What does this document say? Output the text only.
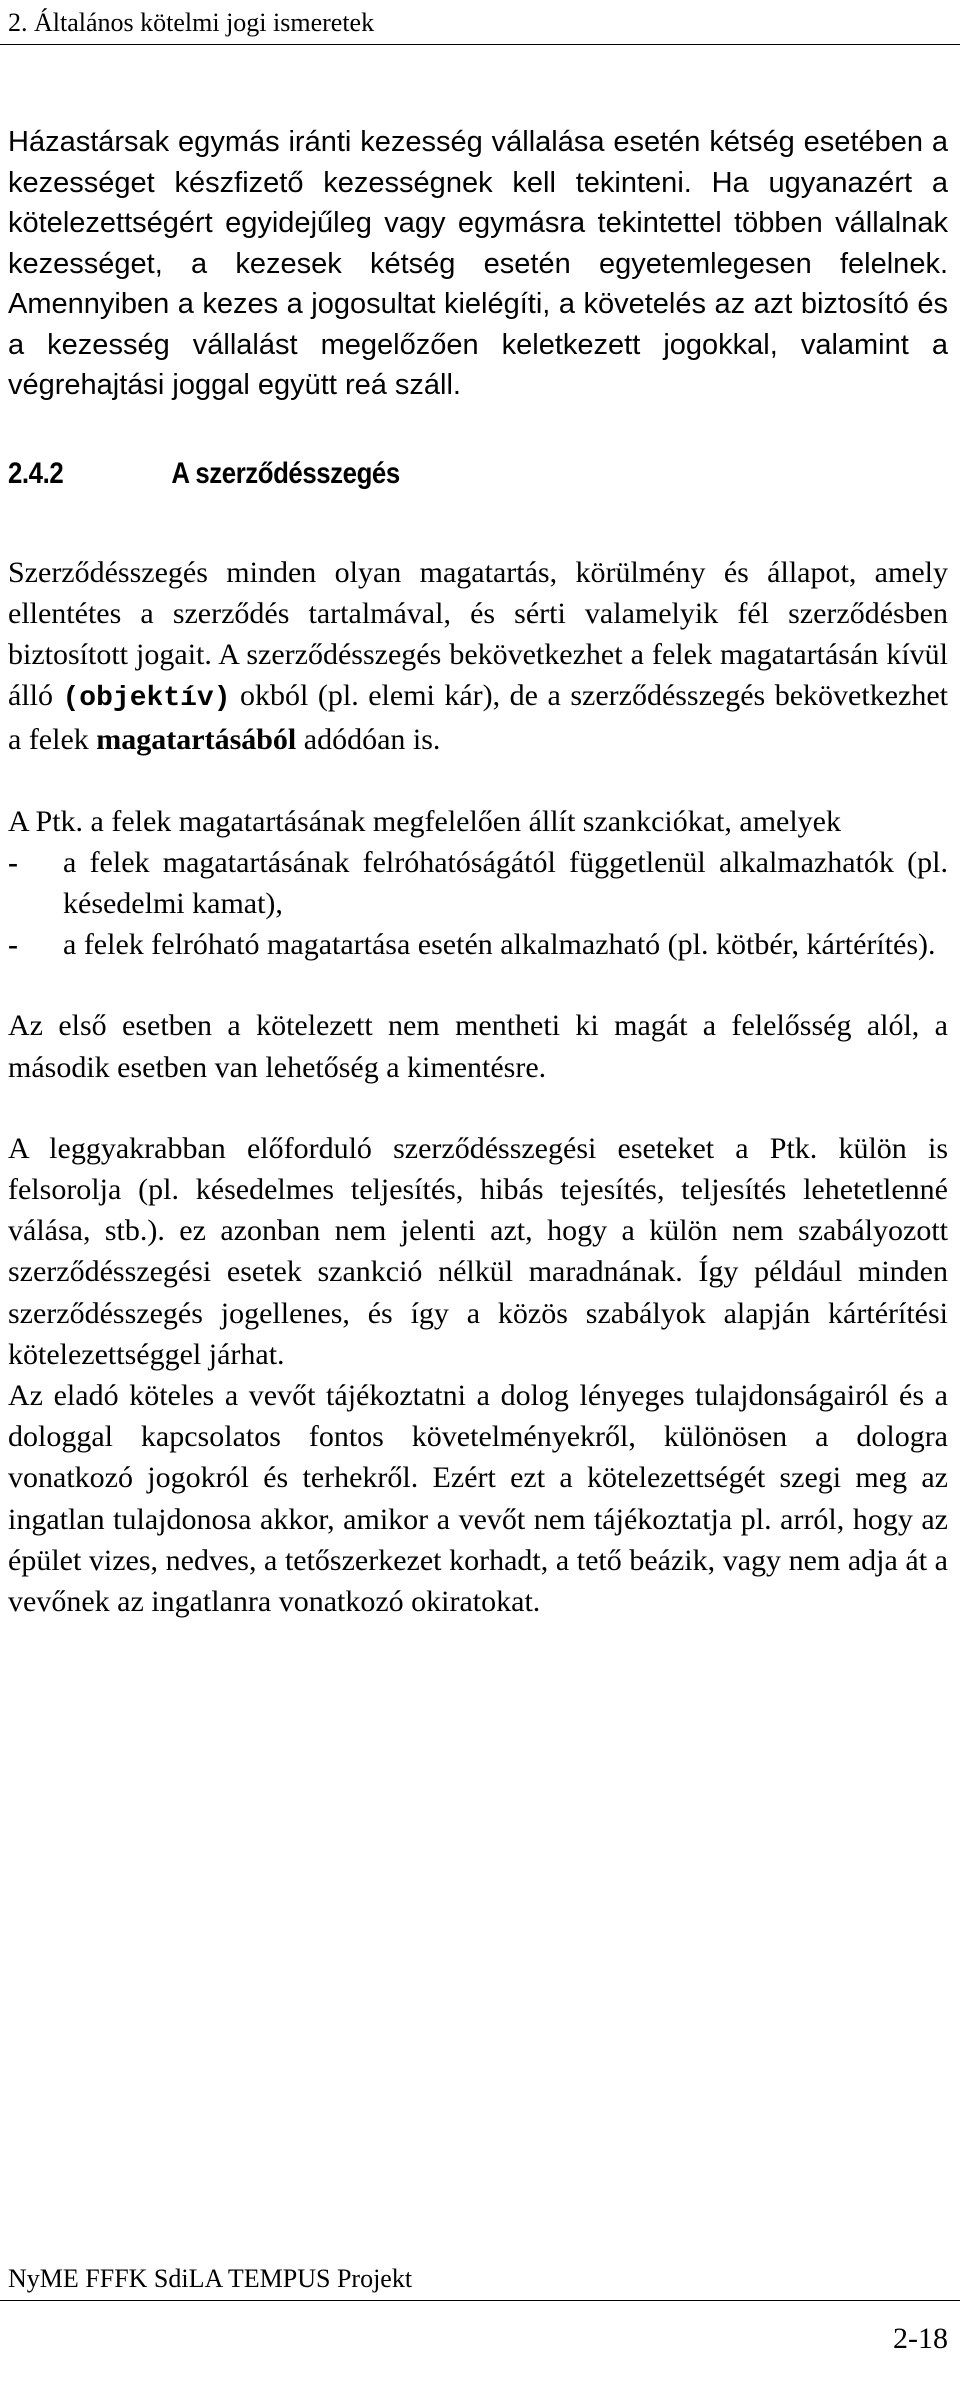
2. Általános kötelmi jogi ismeretek

Házastársak egymás iránti kezesség vállalása esetén kétség esetében a kezességet készfizető kezességnek kell tekinteni. Ha ugyanazért a kötelezettségért egyidejűleg vagy egymásra tekintettel többen vállalnak kezességet, a kezesek kétség esetén egyetemlegesen felelnek. Amennyiben a kezes a jogosultat kielégíti, a követelés az azt biztosító és a kezesség vállalást megelőzően keletkezett jogokkal, valamint a végrehajtási joggal együtt reá száll.

2.4.2	A szerződésszegés

Szerződésszegés minden olyan magatartás, körülmény és állapot, amely ellentétes a szerződés tartalmával, és sérti valamelyik fél szerződésben biztosított jogait. A szerződésszegés bekövetkezhet a felek magatartásán kívül álló (objektív) okból (pl. elemi kár), de a szerződésszegés bekövetkezhet a felek magatartásából adódóan is.

A Ptk. a felek magatartásának megfelelően állít szankciókat, amelyek

- a felek magatartásának felróhatóságától függetlenül alkalmazhatók (pl. késedelmi kamat),
- a felek felróható magatartása esetén alkalmazható (pl. kötbér, kártérítés).

Az első esetben a kötelezett nem mentheti ki magát a felelősség alól, a második esetben van lehetőség a kimentésre.

A leggyakrabban előforduló szerződésszegési eseteket a Ptk. külön is felsorolja (pl. késedelmes teljesítés, hibás tejesítés, teljesítés lehetetlenné válása, stb.). ez azonban nem jelenti azt, hogy a külön nem szabályozott szerződésszegési esetek szankció nélkül maradnának. Így például minden szerződésszegés jogellenes, és így a közös szabályok alapján kártérítési kötelezettséggel járhat.

Az eladó köteles a vevőt tájékoztatni a dolog lényeges tulajdonságairól és a dologgal kapcsolatos fontos követelményekről, különösen a dologra vonatkozó jogokról és terhekről. Ezért ezt a kötelezettségét szegi meg az ingatlan tulajdonosa akkor, amikor a vevőt nem tájékoztatja pl. arról, hogy az épület vizes, nedves, a tetőszerkezet korhadt, a tető beázik, vagy nem adja át a vevőnek az ingatlanra vonatkozó okiratokat.

NyME FFFK SdiLA TEMPUS Projekt
2-18
